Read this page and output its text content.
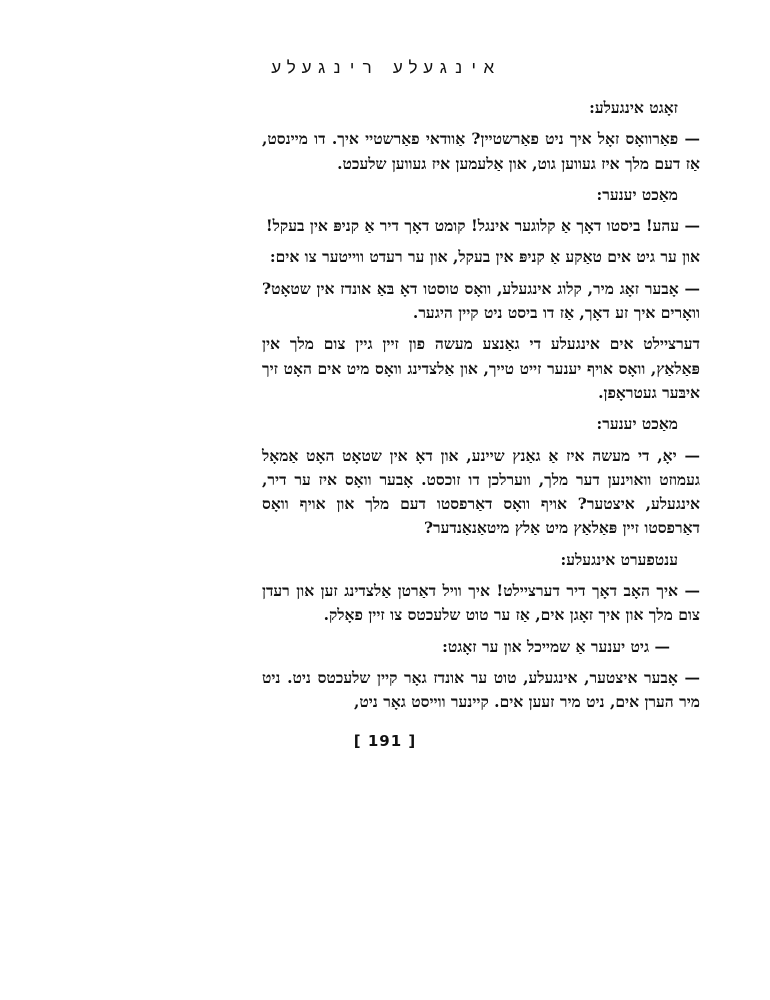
אינגעלע רינגעלע

זאָגט אינגעלע:

— פאַרוואָס זאָל איך ניט פאַרשטיין? אַוודאי פאַרשטיי איך. דו מיינסט, אַז דעם מלך איז געווען גוט, און אַלעמען איז געווען שלעכט.

מאַכט יענער:

— עהע! ביסטו דאָך אַ קלוגער אינגל! קומט דאָך דיר אַ קניפּ אין בעקל!

און ער גיט אים טאַקע אַ קניפּ אין בעקל, און ער רעדט ווייטער צו אים:

— אָבער זאָג מיר, קלוג אינגעלע, וואָס טוסטו דאָ בּאַ אונדז אין שטאָט? וואָרים איך זע דאָך, אַז דו ביסט ניט קיין היגער.

דערציילט אים אינגעלע די גאַנצע מעשה פון זיין גיין צום מלך אין פּאַלאַץ, וואָס אויף יענער זייט טייך, און אַלצדינג וואָס מיט אים האָט זיך איבּער געטראָפן.

מאַכט יענער:

— יאָ, די מעשה איז אַ גאַנץ שיינע, און דאָ אין שטאָט האָט אַמאָל געמוזט וואוינען דער מלך, ווערלכן דו זוכסט. אָבער וואָס איז ער דיר, אינגעלע, איצטער? אויף וואָס דאַרפסטו דעם מלך און אויף וואָס דאַרפסטו זיין פּאַלאַץ מיט אַלץ מיטאַנאַנדער?

ענטפערט אינגעלע:

— איך האָב דאָך דיר דערציילט! איך וויל דאַרטן אַלצדינג זען און רעדן צום מלך און איך זאָגן אים, אַז ער טוט שלעכטס צו זיין פאָלק.

— גיט יענער אַ שמייכל און ער זאָגט:

— אָבער איצטער, אינגעלע, טוט ער אונדז גאָר קיין שלעכטס ניט. ניט מיר הערן אים, ניט מיר זעען אים. קיינער ווייסט גאָר ניט,

[ 191 ]
